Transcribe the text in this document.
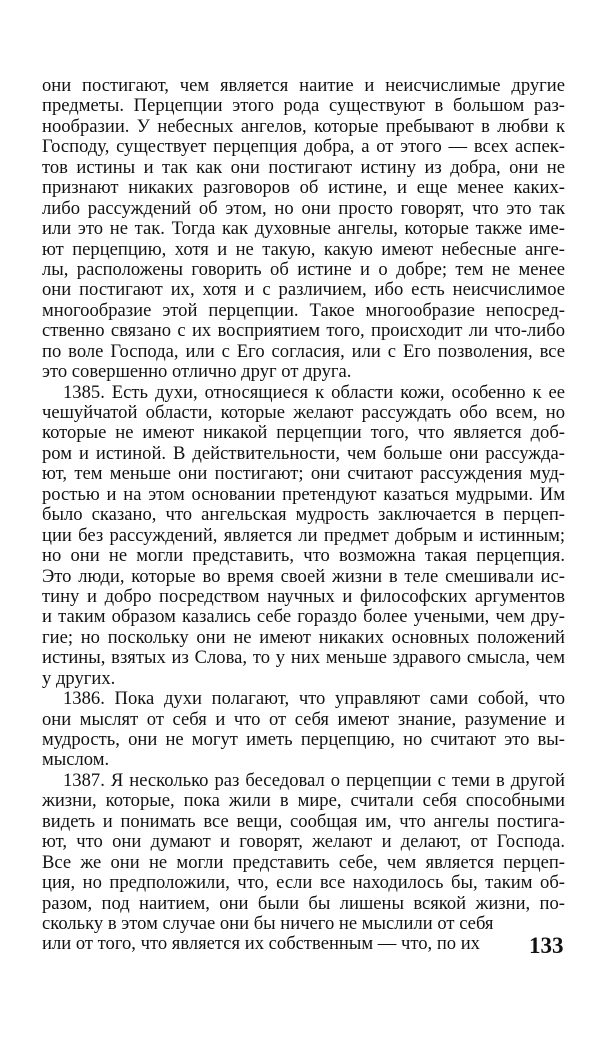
они постигают, чем является наитие и неисчислимые другие
предметы. Перцепции этого рода существуют в большом раз-
нообразии. У небесных ангелов, которые пребывают в любви к
Господу, существует перцепция добра, а от этого — всех аспек-
тов истины и так как они постигают истину из добра, они не
признают никаких разговоров об истине, и еще менее каких-
либо рассуждений об этом, но они просто говорят, что это так
или это не так. Тогда как духовные ангелы, которые также име-
ют перцепцию, хотя и не такую, какую имеют небесные анге-
лы, расположены говорить об истине и о добре; тем не менее
они постигают их, хотя и с различием, ибо есть неисчислимое
многообразие этой перцепции. Такое многообразие непосред-
ственно связано с их восприятием того, происходит ли что-либо
по воле Господа, или с Его согласия, или с Его позволения, все
это совершенно отлично друг от друга.
1385. Есть духи, относящиеся к области кожи, особенно к ее
чешуйчатой области, которые желают рассуждать обо всем, но
которые не имеют никакой перцепции того, что является доб-
ром и истиной. В действительности, чем больше они рассужда-
ют, тем меньше они постигают; они считают рассуждения муд-
ростью и на этом основании претендуют казаться мудрыми. Им
было сказано, что ангельская мудрость заключается в перцеп-
ции без рассуждений, является ли предмет добрым и истинным;
но они не могли представить, что возможна такая перцепция.
Это люди, которые во время своей жизни в теле смешивали ис-
тину и добро посредством научных и философских аргументов
и таким образом казались себе гораздо более учеными, чем дру-
гие; но поскольку они не имеют никаких основных положений
истины, взятых из Слова, то у них меньше здравого смысла, чем
у других.
1386. Пока духи полагают, что управляют сами собой, что
они мыслят от себя и что от себя имеют знание, разумение и
мудрость, они не могут иметь перцепцию, но считают это вы-
мыслом.
1387. Я несколько раз беседовал о перцепции с теми в другой
жизни, которые, пока жили в мире, считали себя способными
видеть и понимать все вещи, сообщая им, что ангелы постига-
ют, что они думают и говорят, желают и делают, от Господа.
Все же они не могли представить себе, чем является перцеп-
ция, но предположили, что, если все находилось бы, таким об-
разом, под наитием, они были бы лишены всякой жизни, по-
скольку в этом случае они бы ничего не мыслили от себя
или от того, что является их собственным — что, по их	133
